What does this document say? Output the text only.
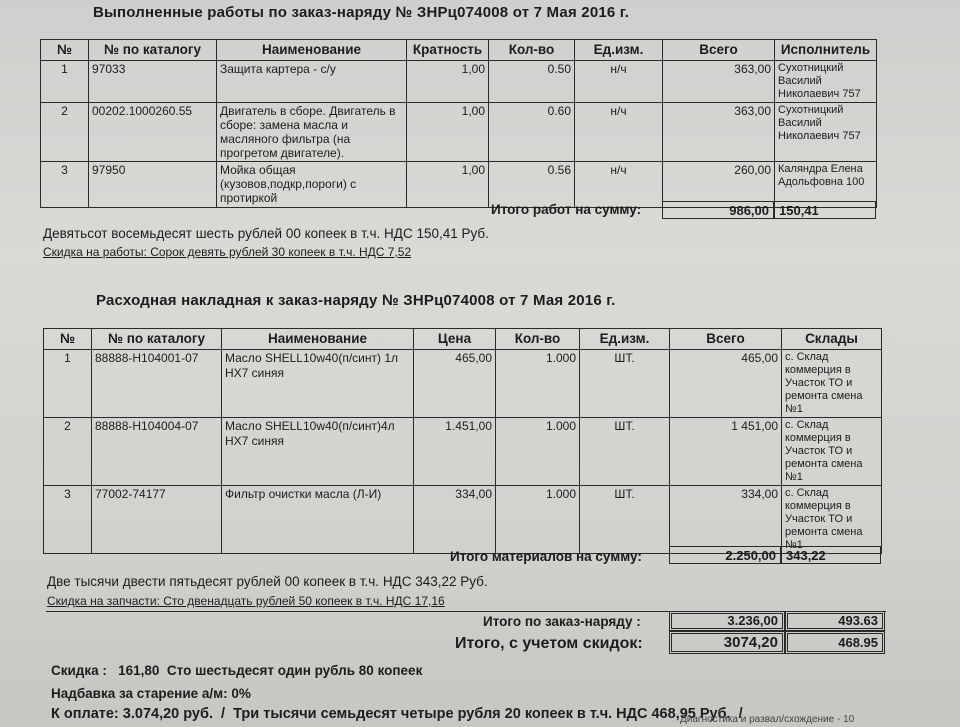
Выполненные работы по заказ-наряду № ЗНРц074008 от 7 Мая 2016 г.
№	№ по каталогу	Наименование	Кратность	Кол-во	Ед.изм.	Всего	Исполнитель
1	97033	Защита картера - с/у	1,00	0.50	н/ч	363,00	Сухотницкий Василий Николаевич 757
2	00202.1000260.55	Двигатель в сборе. Двигатель в сборе: замена масла и масляного фильтра (на прогретом двигателе).	1,00	0.60	н/ч	363,00	Сухотницкий Василий Николаевич 757
3	97950	Мойка общая (кузовов,подкр,пороги) с протиркой	1,00	0.56	н/ч	260,00	Каляндра Елена Адольфовна 100
Итого работ на сумму:	986,00 150,41
Девятьсот восемьдесят шесть рублей 00 копеек в т.ч. НДС 150,41 Руб.
Скидка на работы: Сорок девять рублей 30 копеек в т.ч. НДС 7,52
Расходная накладная к заказ-наряду № ЗНРц074008 от 7 Мая 2016 г.
№	№ по каталогу	Наименование	Цена	Кол-во	Ед.изм.	Всего	Склады
1	88888-H104001-07	Масло SHELL10w40(п/синт) 1л HX7 синяя	465,00	1.000	ШТ.	465,00	с. Склад коммерция в Участок ТО и ремонта смена №1
2	88888-H104004-07	Масло SHELL10w40(п/синт)4л HX7 синяя	1.451,00	1.000	ШТ.	1 451,00	с. Склад коммерция в Участок ТО и ремонта смена №1
3	77002-74177	Фильтр очистки масла (Л-И)	334,00	1.000	ШТ.	334,00	с. Склад коммерция в Участок ТО и ремонта смена №1
Итого материалов на сумму:	2.250,00 343,22
Две тысячи двести пятьдесят рублей 00 копеек в т.ч. НДС 343,22 Руб.
Скидка на запчасти: Сто двенадцать рублей 50 копеек в т.ч. НДС 17,16
Итого по заказ-наряду :	3.236,00	493.63
Итого, с учетом скидок:	3074,20	468.95
Скидка :   161,80  Сто шестьдесят один рубль 80 копеек
Надбавка за старение а/м: 0%
К оплате: 3.074,20 руб.  /  Три тысячи семьдесят четыре рубля 20 копеек в т.ч. НДС 468,95 Руб.  /
Диагностика и развал/схождение - 10
